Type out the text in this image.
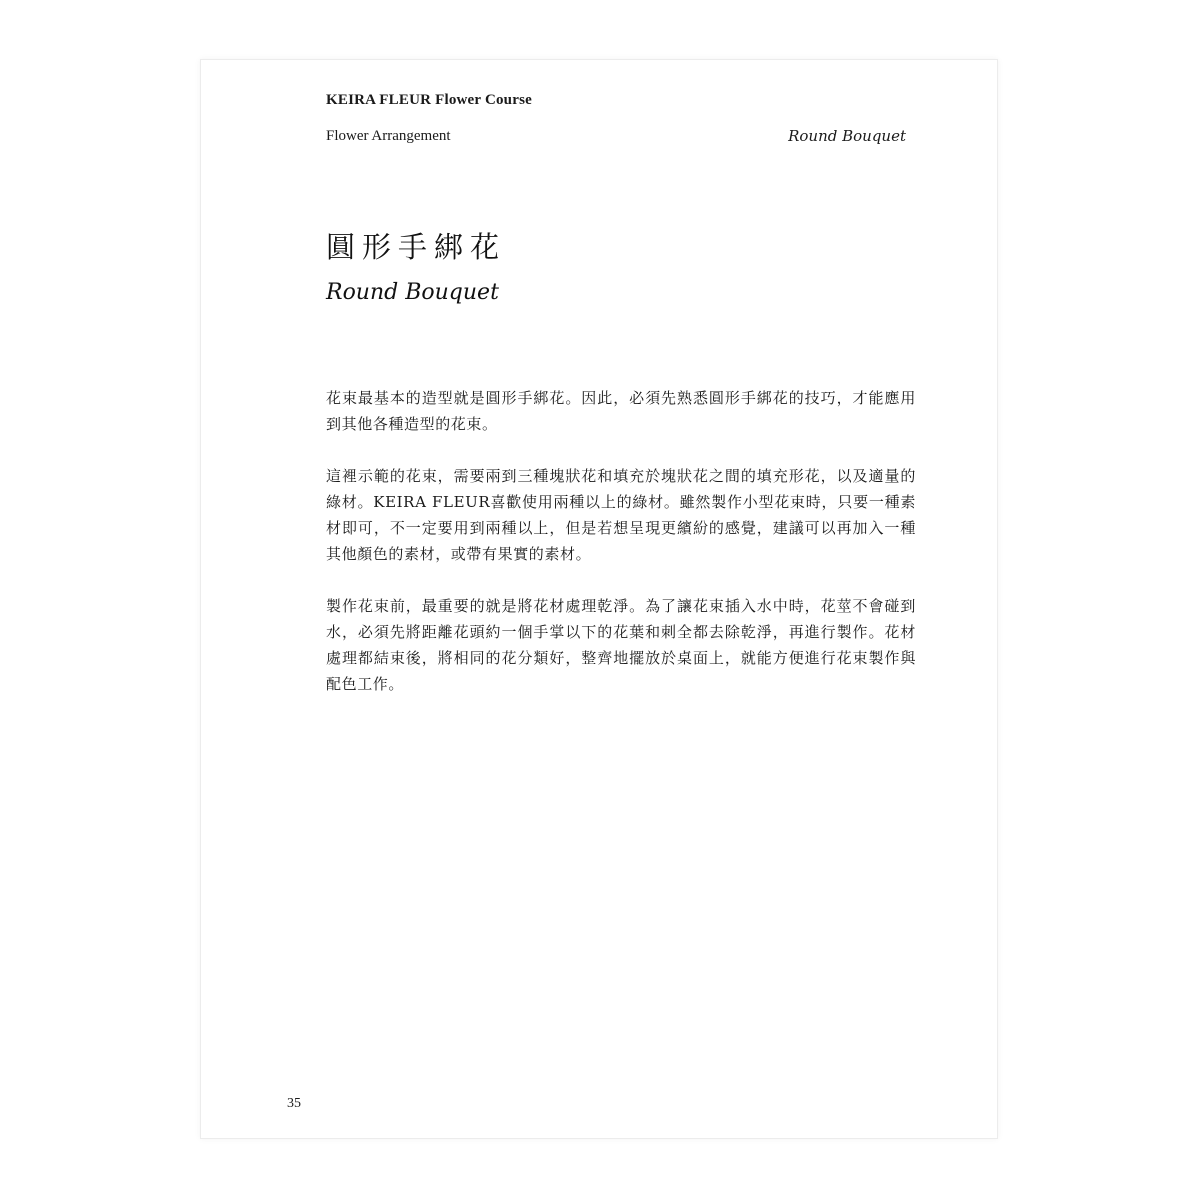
KEIRA FLEUR Flower Course
Flower Arrangement	Round Bouquet
圓形手綁花
Round Bouquet

花束最基本的造型就是圓形手綁花。因此，必須先熟悉圓形手綁花的技巧，才能應用到其他各種造型的花束。

這裡示範的花束，需要兩到三種塊狀花和填充於塊狀花之間的填充形花，以及適量的綠材。KEIRA FLEUR喜歡使用兩種以上的綠材。雖然製作小型花束時，只要一種素材即可，不一定要用到兩種以上，但是若想呈現更繽紛的感覺，建議可以再加入一種其他顏色的素材，或帶有果實的素材。

製作花束前，最重要的就是將花材處理乾淨。為了讓花束插入水中時，花莖不會碰到水，必須先將距離花頭約一個手掌以下的花葉和刺全都去除乾淨，再進行製作。花材處理都結束後，將相同的花分類好，整齊地擺放於桌面上，就能方便進行花束製作與配色工作。

35
